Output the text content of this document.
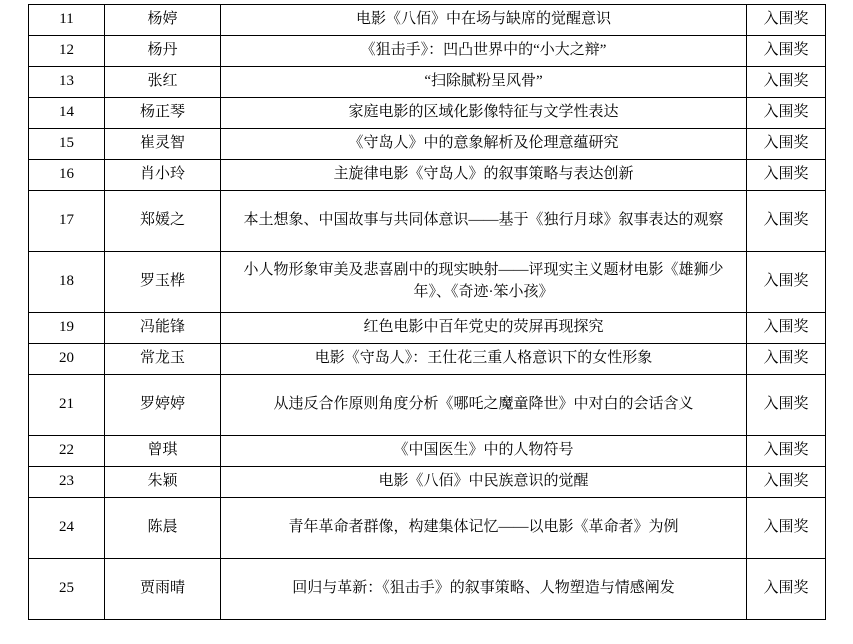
11	杨婷	电影《八佰》中在场与缺席的觉醒意识	入围奖
12	杨丹	《狙击手》：凹凸世界中的“小大之辩”	入围奖
13	张红	“扫除腻粉呈风骨”	入围奖
14	杨正琴	家庭电影的区域化影像特征与文学性表达	入围奖
15	崔灵智	《守岛人》中的意象解析及伦理意蕴研究	入围奖
16	肖小玲	主旋律电影《守岛人》的叙事策略与表达创新	入围奖
17	郑媛之	本土想象、中国故事与共同体意识——基于《独行月球》叙事表达的观察	入围奖
18	罗玉桦	小人物形象审美及悲喜剧中的现实映射——评现实主义题材电影《雄狮少年》、《奇迹·笨小孩》	入围奖
19	冯能锋	红色电影中百年党史的荧屏再现探究	入围奖
20	常龙玉	电影《守岛人》：王仕花三重人格意识下的女性形象	入围奖
21	罗婷婷	从违反合作原则角度分析《哪吒之魔童降世》中对白的会话含义	入围奖
22	曾琪	《中国医生》中的人物符号	入围奖
23	朱颖	电影《八佰》中民族意识的觉醒	入围奖
24	陈晨	青年革命者群像，构建集体记忆——以电影《革命者》为例	入围奖
25	贾雨晴	回归与革新：《狙击手》的叙事策略、人物塑造与情感阐发	入围奖
